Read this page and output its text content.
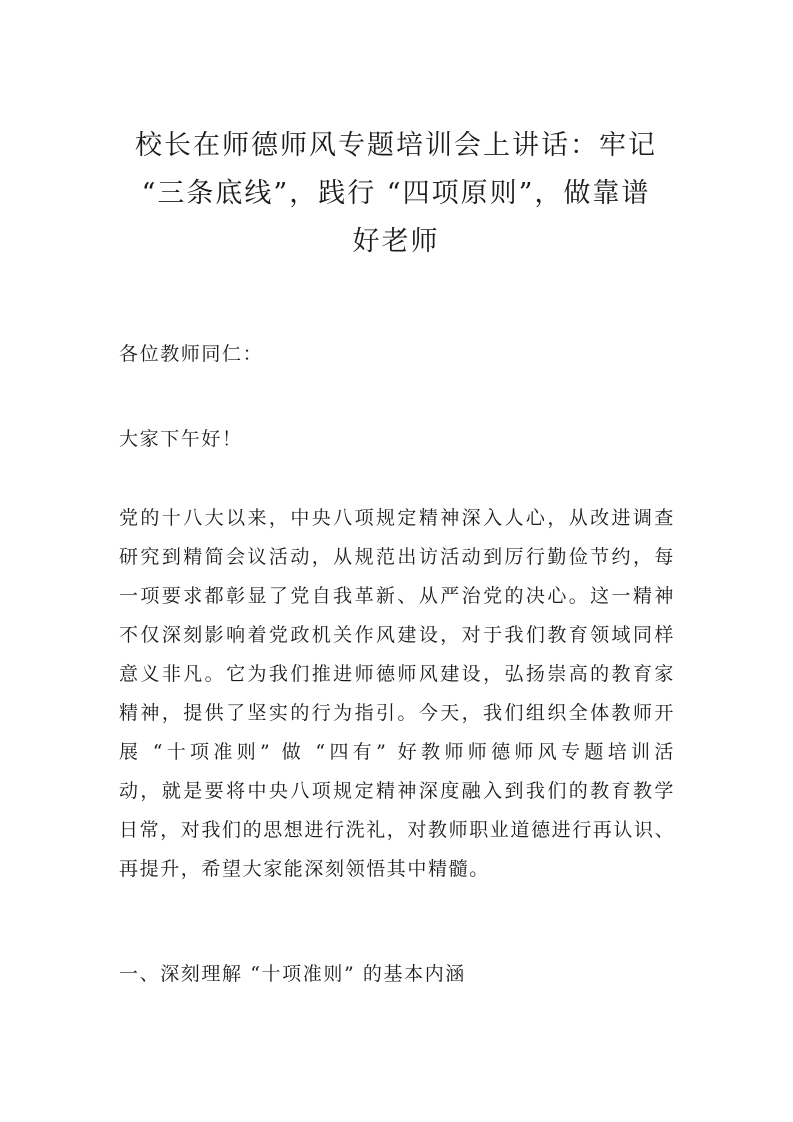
校长在师德师风专题培训会上讲话：牢记
“三条底线”，践行 “四项原则”，做靠谱
好老师

各位教师同仁：

大家下午好！

党的十八大以来，中央八项规定精神深入人心，从改进调查
研究到精简会议活动，从规范出访活动到厉行勤俭节约，每
一项要求都彰显了党自我革新、从严治党的决心。这一精神
不仅深刻影响着党政机关作风建设，对于我们教育领域同样
意义非凡。它为我们推进师德师风建设，弘扬崇高的教育家
精神，提供了坚实的行为指引。今天，我们组织全体教师开
展 “十项准则” 做 “四有” 好教师师德师风专题培训活
动，就是要将中央八项规定精神深度融入到我们的教育教学
日常，对我们的思想进行洗礼，对教师职业道德进行再认识、
再提升，希望大家能深刻领悟其中精髓。
一、深刻理解 “十项准则” 的基本内涵
